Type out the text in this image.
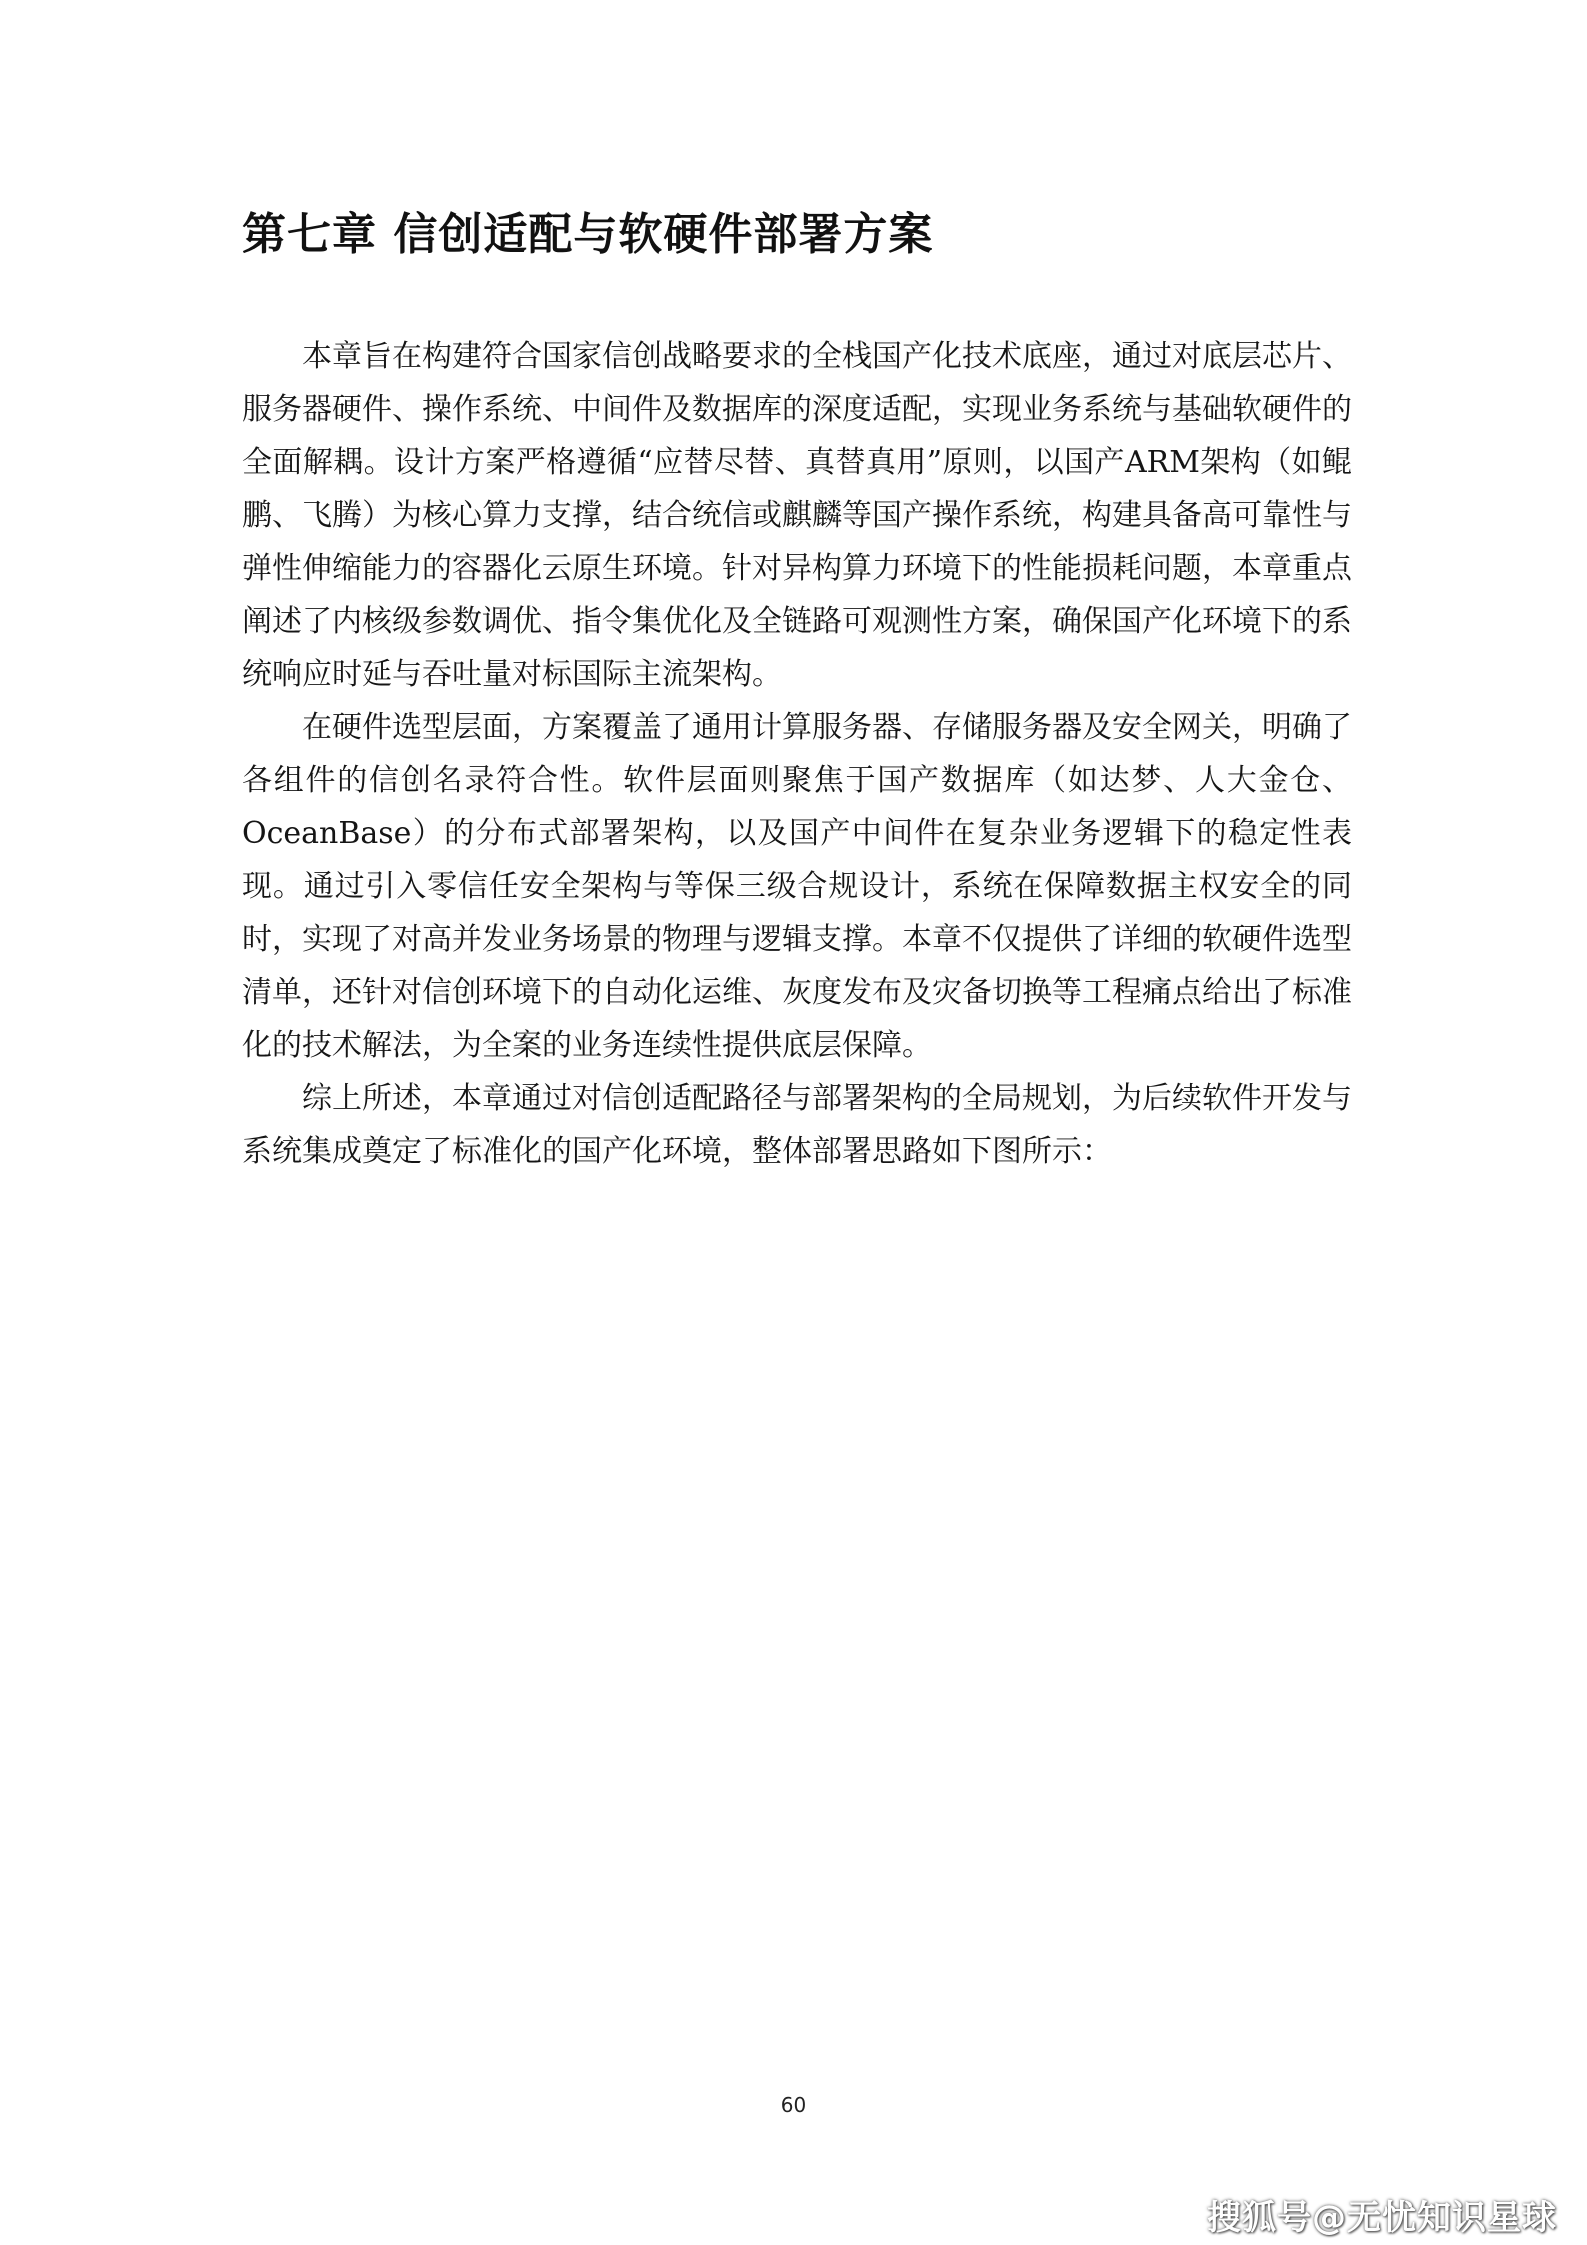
第七章 信创适配与软硬件部署方案

本章旨在构建符合国家信创战略要求的全栈国产化技术底座，通过对底层芯片、服务器硬件、操作系统、中间件及数据库的深度适配，实现业务系统与基础软硬件的全面解耦。设计方案严格遵循“应替尽替、真替真用”原则，以国产ARM架构（如鲲鹏、飞腾）为核心算力支撑，结合统信或麒麟等国产操作系统，构建具备高可靠性与弹性伸缩能力的容器化云原生环境。针对异构算力环境下的性能损耗问题，本章重点阐述了内核级参数调优、指令集优化及全链路可观测性方案，确保国产化环境下的系统响应时延与吞吐量对标国际主流架构。

在硬件选型层面，方案覆盖了通用计算服务器、存储服务器及安全网关，明确了各组件的信创名录符合性。软件层面则聚焦于国产数据库（如达梦、人大金仓、OceanBase）的分布式部署架构，以及国产中间件在复杂业务逻辑下的稳定性表现。通过引入零信任安全架构与等保三级合规设计，系统在保障数据主权安全的同时，实现了对高并发业务场景的物理与逻辑支撑。本章不仅提供了详细的软硬件选型清单，还针对信创环境下的自动化运维、灰度发布及灾备切换等工程痛点给出了标准化的技术解法，为全案的业务连续性提供底层保障。

综上所述，本章通过对信创适配路径与部署架构的全局规划，为后续软件开发与系统集成奠定了标准化的国产化环境，整体部署思路如下图所示：

60
搜狐号@无忧知识星球
